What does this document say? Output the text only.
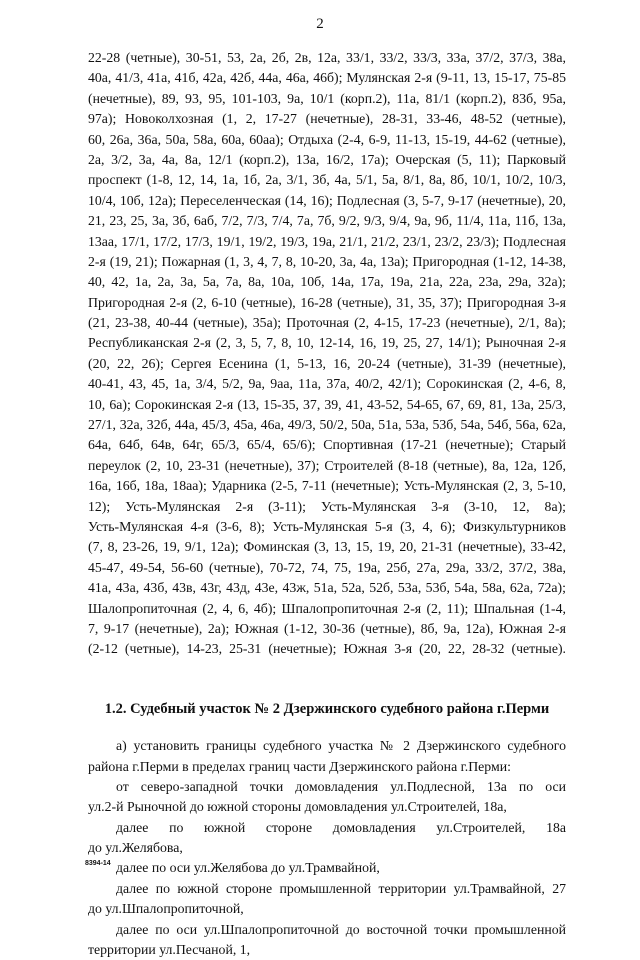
2
22-28 (четные), 30-51, 53, 2а, 2б, 2в, 12а, 33/1, 33/2, 33/3, 33а, 37/2, 37/3, 38а,
40а, 41/3, 41а, 41б, 42а, 42б, 44а, 46а, 46б); Мулянская 2-я (9-11, 13, 15-17, 75-85
(нечетные), 89, 93, 95, 101-103, 9а, 10/1 (корп.2), 11а, 81/1 (корп.2), 83б, 95а,
97а); Новоколхозная (1, 2, 17-27 (нечетные), 28-31, 33-46, 48-52 (четные),
60, 26а, 36а, 50а, 58а, 60а, 60аа); Отдыха (2-4, 6-9, 11-13, 15-19, 44-62 (четные),
2а, 3/2, 3а, 4а, 8а, 12/1 (корп.2), 13а, 16/2, 17а); Очерская (5, 11); Парковый
проспект (1-8, 12, 14, 1а, 1б, 2а, 3/1, 3б, 4а, 5/1, 5а, 8/1, 8а, 8б, 10/1, 10/2, 10/3,
10/4, 10б, 12а); Переселенческая (14, 16); Подлесная (3, 5-7, 9-17 (нечетные), 20,
21, 23, 25, 3а, 3б, 6аб, 7/2, 7/3, 7/4, 7а, 7б, 9/2, 9/3, 9/4, 9а, 9б, 11/4, 11а, 11б, 13а,
13аа, 17/1, 17/2, 17/3, 19/1, 19/2, 19/3, 19а, 21/1, 21/2, 23/1, 23/2, 23/3); Подлесная
2-я (19, 21); Пожарная (1, 3, 4, 7, 8, 10-20, 3а, 4а, 13а); Пригородная (1-12, 14-38,
40, 42, 1а, 2а, 3а, 5а, 7а, 8а, 10а, 10б, 14а, 17а, 19а, 21а, 22а, 23а, 29а, 32а);
Пригородная 2-я (2, 6-10 (четные), 16-28 (четные), 31, 35, 37); Пригородная 3-я
(21, 23-38, 40-44 (четные), 35а); Проточная (2, 4-15, 17-23 (нечетные), 2/1, 8а);
Республиканская 2-я (2, 3, 5, 7, 8, 10, 12-14, 16, 19, 25, 27, 14/1); Рыночная 2-я
(20, 22, 26); Сергея Есенина (1, 5-13, 16, 20-24 (четные), 31-39 (нечетные),
40-41, 43, 45, 1а, 3/4, 5/2, 9а, 9аа, 11а, 37а, 40/2, 42/1); Сорокинская (2, 4-6, 8,
10, 6а); Сорокинская 2-я (13, 15-35, 37, 39, 41, 43-52, 54-65, 67, 69, 81, 13а, 25/3,
27/1, 32а, 32б, 44а, 45/3, 45а, 46а, 49/3, 50/2, 50а, 51а, 53а, 53б, 54а, 54б, 56а, 62а,
64а, 64б, 64в, 64г, 65/3, 65/4, 65/6); Спортивная (17-21 (нечетные); Старый
переулок (2, 10, 23-31 (нечетные), 37); Строителей (8-18 (четные), 8а, 12а, 12б,
16а, 16б, 18а, 18аа); Ударника (2-5, 7-11 (нечетные); Усть-Мулянская (2, 3, 5-10,
12); Усть-Мулянская 2-я (3-11); Усть-Мулянская 3-я (3-10, 12, 8а);
Усть-Мулянская 4-я (3-6, 8); Усть-Мулянская 5-я (3, 4, 6); Физкультурников
(7, 8, 23-26, 19, 9/1, 12а); Фоминская (3, 13, 15, 19, 20, 21-31 (нечетные), 33-42,
45-47, 49-54, 56-60 (четные), 70-72, 74, 75, 19а, 25б, 27а, 29а, 33/2, 37/2, 38а,
41а, 43а, 43б, 43в, 43г, 43д, 43е, 43ж, 51а, 52а, 52б, 53а, 53б, 54а, 58а, 62а, 72а);
Шалопропиточная (2, 4, 6, 4б); Шпалопропиточная 2-я (2, 11); Шпальная (1-4,
7, 9-17 (нечетные), 2а); Южная (1-12, 30-36 (четные), 8б, 9а, 12а), Южная 2-я
(2-12 (четные), 14-23, 25-31 (нечетные); Южная 3-я (20, 22, 28-32 (четные).
1.2. Судебный участок № 2 Дзержинского судебного района г.Перми
а) установить границы судебного участка № 2 Дзержинского судебного
района г.Перми в пределах границ части Дзержинского района г.Перми:
от северо-западной точки домовладения ул.Подлесной, 13а по оси
ул.2-й Рыночной до южной стороны домовладения ул.Строителей, 18а,
далее по южной стороне домовладения ул.Строителей, 18а
до ул.Желябова,
далее по оси ул.Желябова до ул.Трамвайной,
далее по южной стороне промышленной территории ул.Трамвайной, 27
до ул.Шпалопропиточной,
далее по оси ул.Шпалопропиточной до восточной точки промышленной
территории ул.Песчаной, 1,
8394-14
